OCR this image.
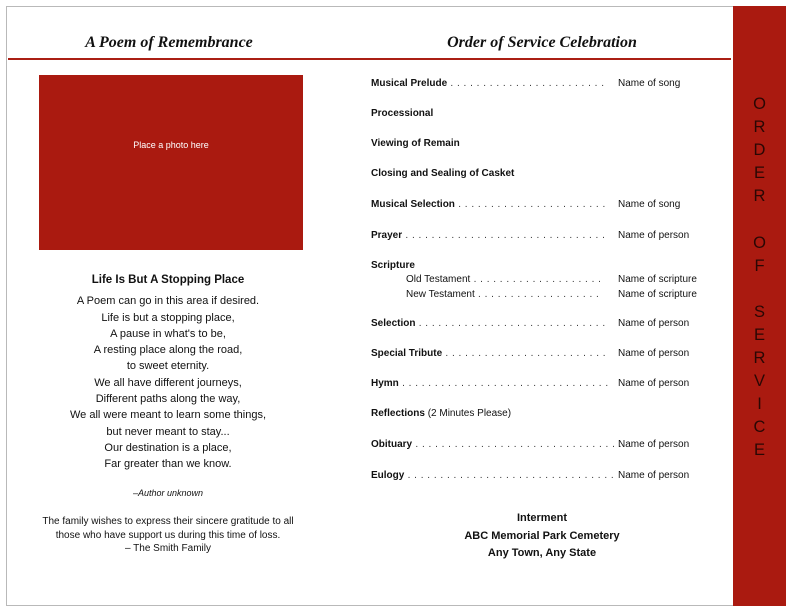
A Poem of Remembrance	Order of Service Celebration
Place a photo here
Life Is But A Stopping Place
A Poem can go in this area if desired.
Life is but a stopping place,
A pause in what's to be,
A resting place along the road,
to sweet eternity.
We all have different journeys,
Different paths along the way,
We all were meant to learn some things,
but never meant to stay...
Our destination is a place,
Far greater than we know.
–Author unknown
The family wishes to express their sincere gratitude to all
those who have support us during this time of loss.
– The Smith Family
Musical Prelude . . . . . . . . . . . . . . . . . . . . . . . . Name of song
Processional
Viewing of Remain
Closing and Sealing of Casket
Musical Selection . . . . . . . . . . . . . . . . . . . . . . . Name of song
Prayer . . . . . . . . . . . . . . . . . . . . . . . . . . . . . . . Name of person
Scripture
Old Testament . . . . . . . . . . . . . . . . . . . . Name of scripture
New Testament . . . . . . . . . . . . . . . . . . . Name of scripture
Selection . . . . . . . . . . . . . . . . . . . . . . . . . . . . . Name of person
Special Tribute . . . . . . . . . . . . . . . . . . . . . . . . . Name of person
Hymn . . . . . . . . . . . . . . . . . . . . . . . . . . . . . . . . Name of person
Reflections (2 Minutes Please)
Obituary . . . . . . . . . . . . . . . . . . . . . . . . . . . . . . . .
Name of person
Eulogy . . . . . . . . . . . . . . . . . . . . . . . . . . . . . . . . Name of person
Interment
ABC Memorial Park Cemetery
Any Town, Any State
O
R
D
E
R
O
F
S
E
R
V
I
C
E
